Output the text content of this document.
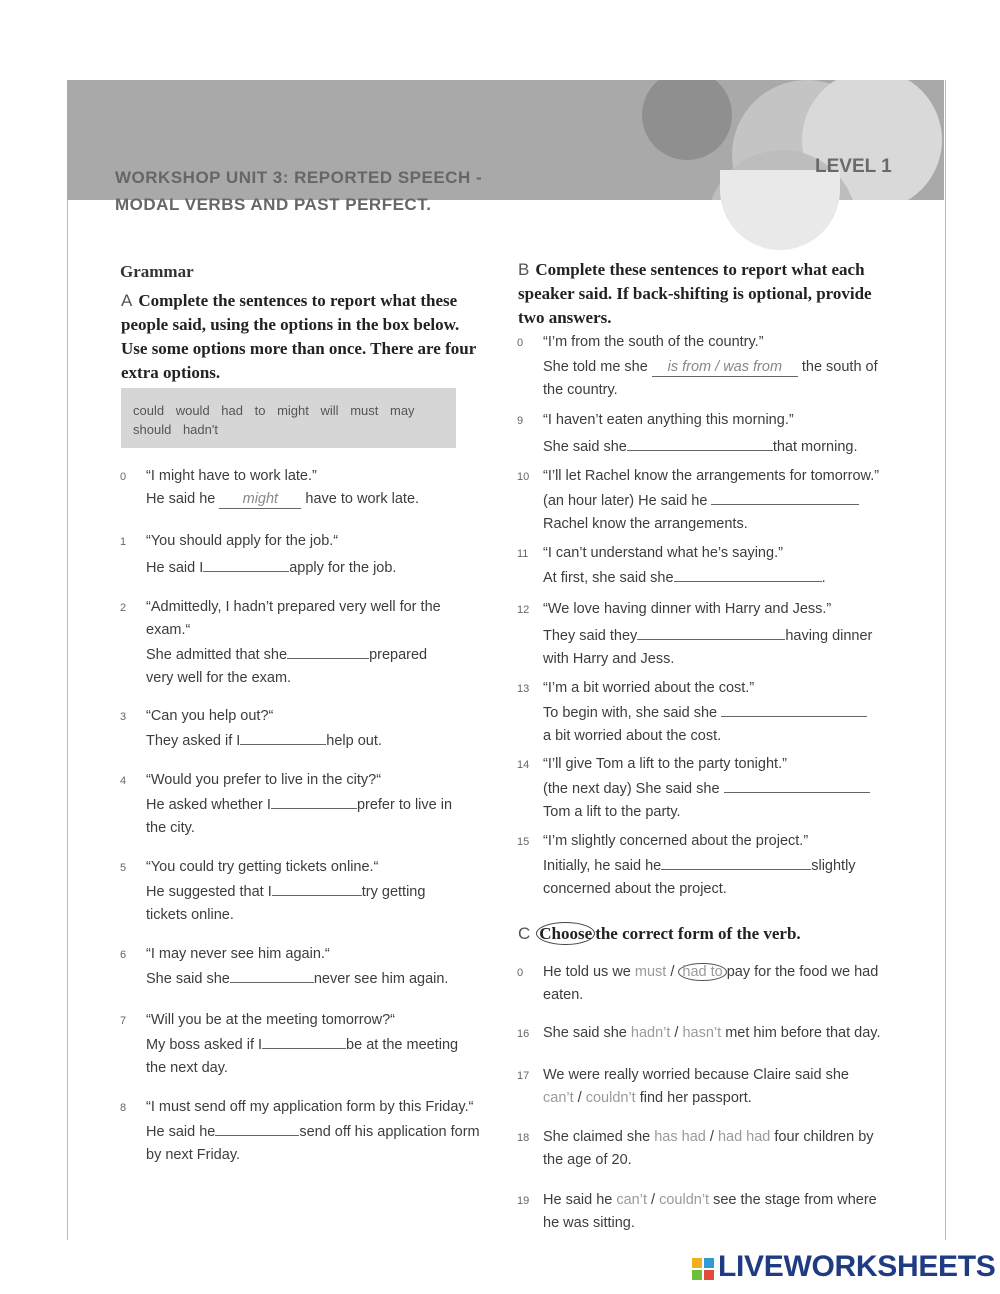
WORKSHOP UNIT 3: REPORTED SPEECH -
MODAL VERBS AND PAST PERFECT.
LEVEL 1
Grammar
A Complete the sentences to report what these people said, using the options in the box below. Use some options more than once. There are four extra options.
could would had to might will must may
should hadn't
0 “I might have to work late.”
He said he might have to work late.
1 “You should apply for the job.“
He said I	apply for the job.
2 “Admittedly, I hadn’t prepared very well for the exam.“
She admitted that she	prepared very well for the exam.
3 “Can you help out?“
They asked if I	help out.
4 “Would you prefer to live in the city?“
He asked whether I	prefer to live in the city.
5 “You could try getting tickets online.“
He suggested that I	try getting tickets online.
6 “I may never see him again.“
She said she	never see him again.
7 “Will you be at the meeting tomorrow?“
My boss asked if I	be at the meeting the next day.
8 “I must send off my application form by this Friday.“
He said he	send off his application form by next Friday.
B Complete these sentences to report what each speaker said. If back-shifting is optional, provide two answers.
0 “I’m from the south of the country.”
She told me she is from / was from the south of the country.
9 “I haven’t eaten anything this morning.”
She said she	that morning.
10 “I’ll let Rachel know the arrangements for tomorrow.”
(an hour later) He said he
Rachel know the arrangements.
11 “I can’t understand what he’s saying.”
At first, she said she	.
12 “We love having dinner with Harry and Jess.”
They said they	having dinner with Harry and Jess.
13 “I’m a bit worried about the cost.”
To begin with, she said she
a bit worried about the cost.
14 “I’ll give Tom a lift to the party tonight.”
(the next day) She said she
Tom a lift to the party.
15 “I’m slightly concerned about the project.”
Initially, he said he	slightly concerned about the project.
C Choose the correct form of the verb.
0 He told us we must / had to pay for the food we had eaten.
16 She said she hadn’t / hasn’t met him before that day.
17 We were really worried because Claire said she can’t / couldn’t find her passport.
18 She claimed she has had / had had four children by the age of 20.
19 He said he can’t / couldn’t see the stage from where he was sitting.
LIVEWORKSHEETS
